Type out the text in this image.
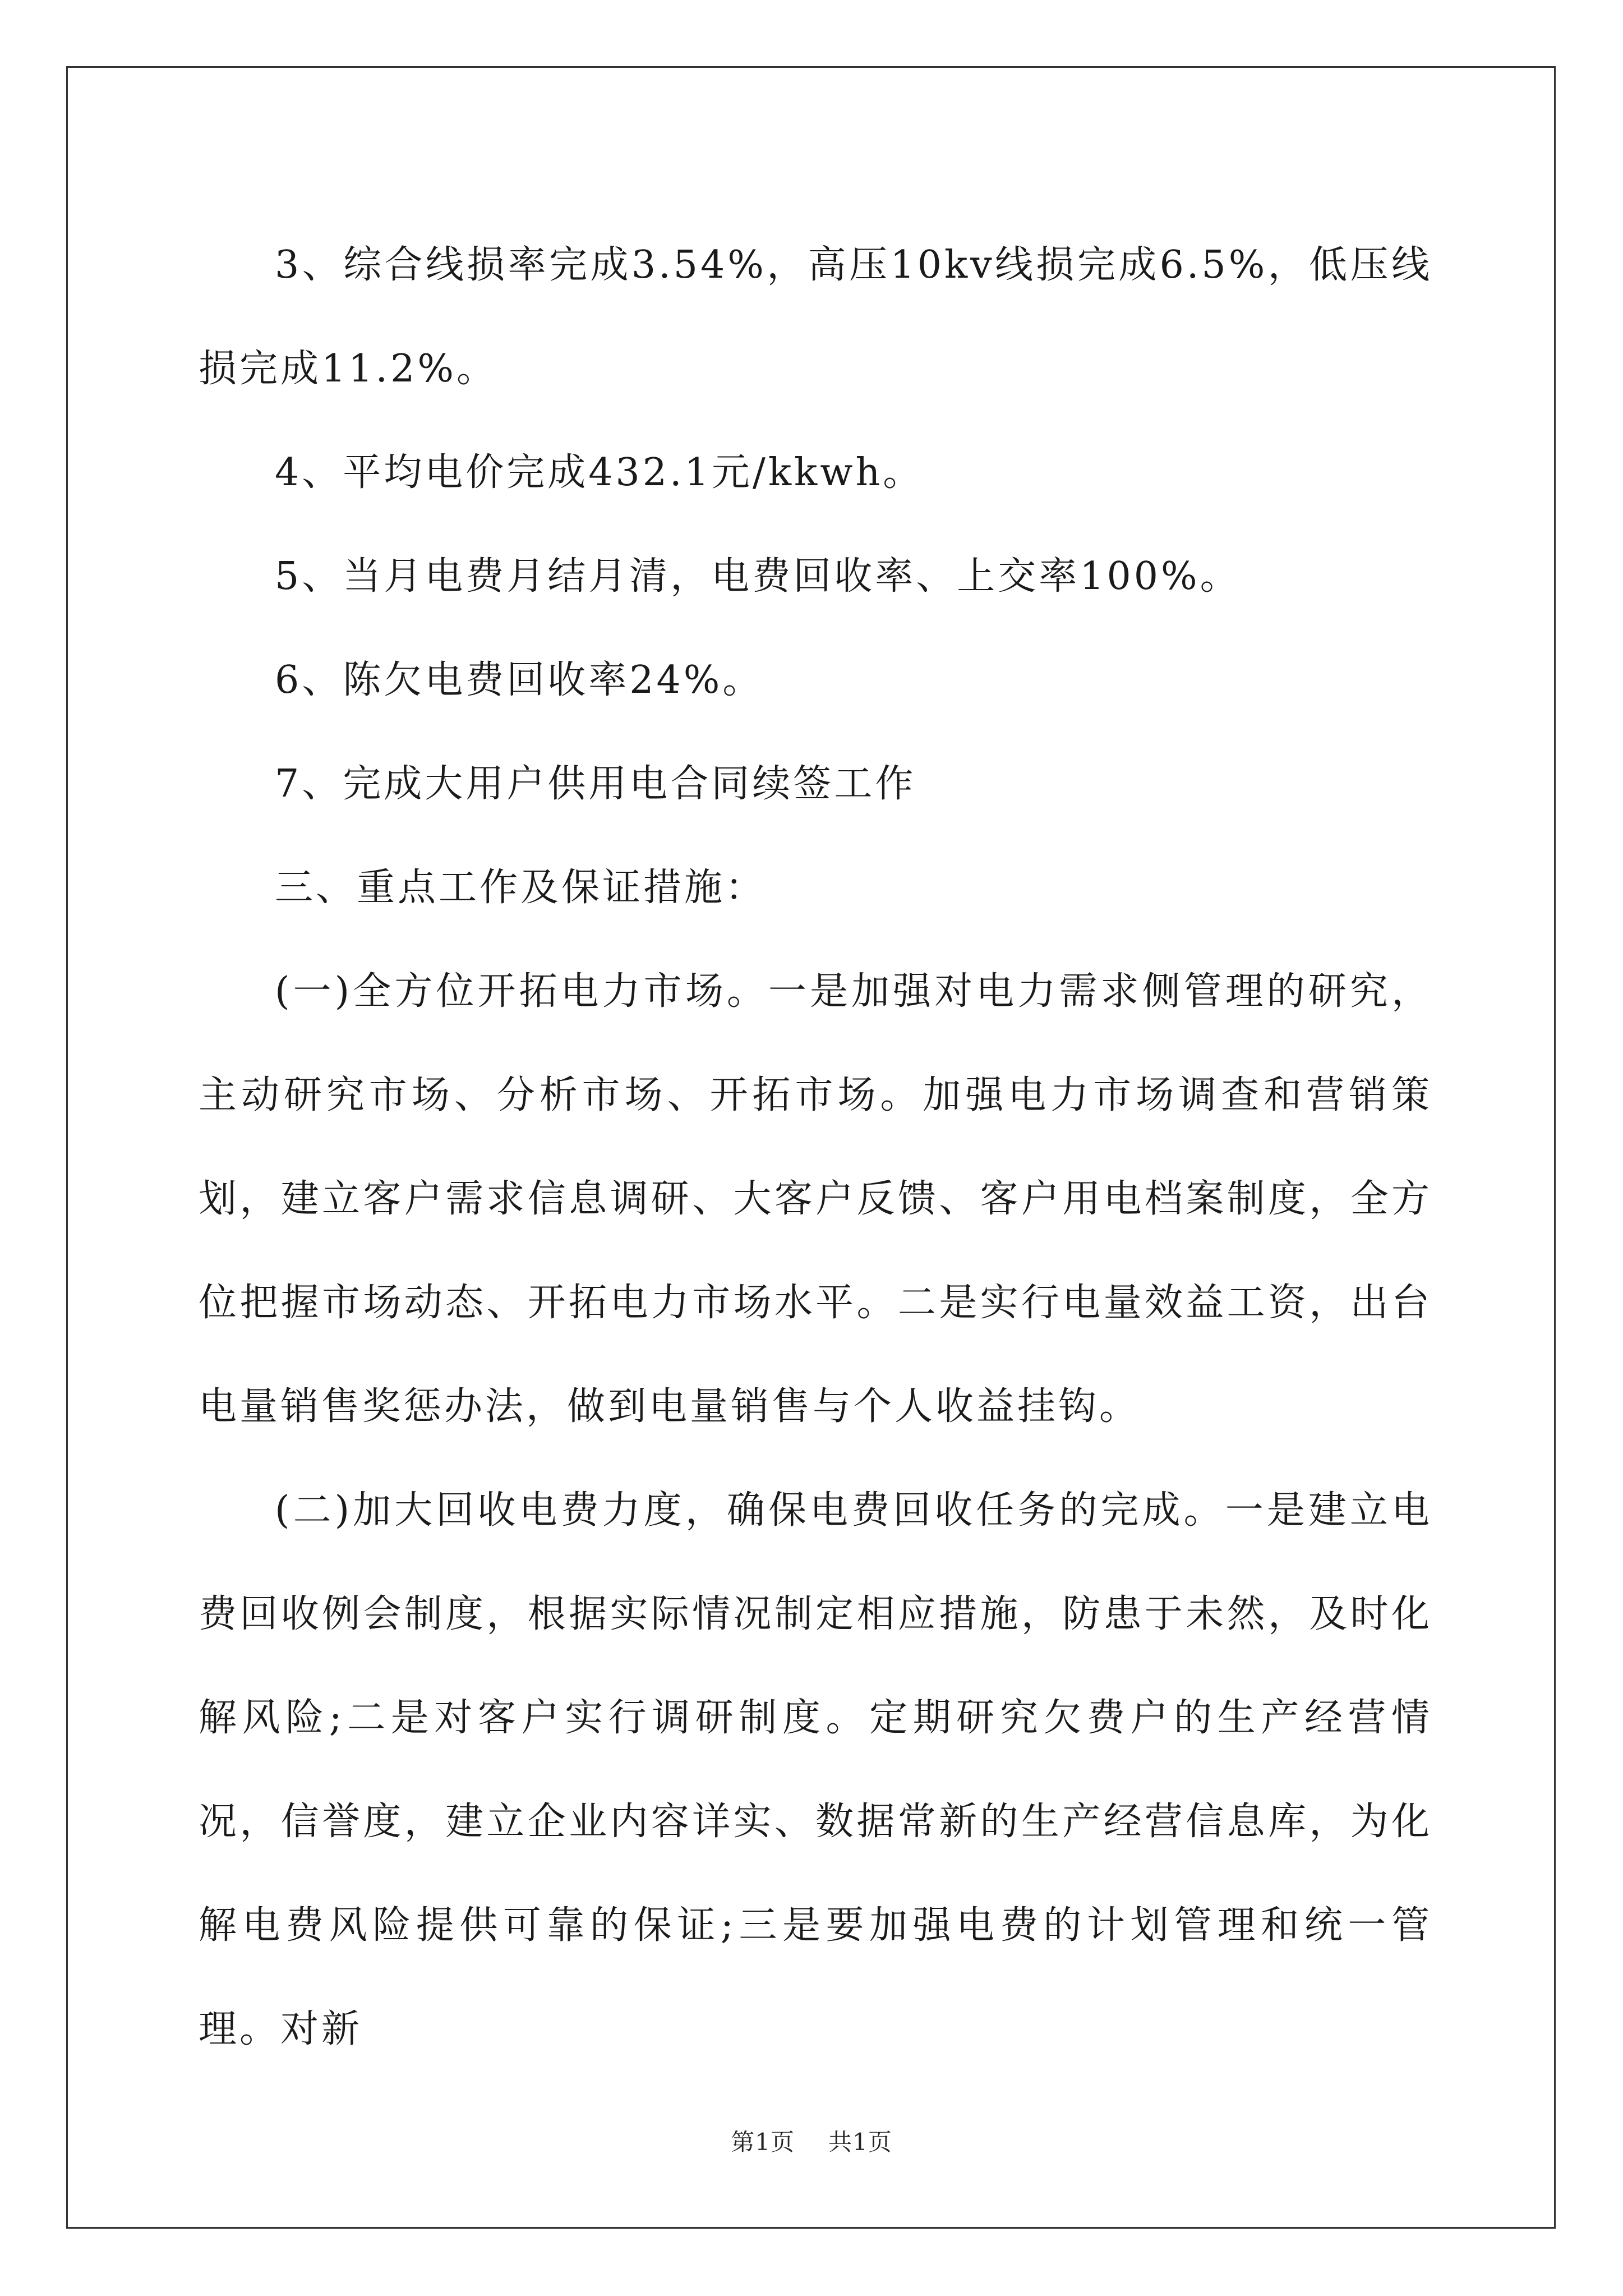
3、综合线损率完成3.54%，高压10kv线损完成6.5%，低压线损完成11.2%。

4、平均电价完成432.1元/kkwh。

5、当月电费月结月清，电费回收率、上交率100%。

6、陈欠电费回收率24%。

7、完成大用户供用电合同续签工作

三、重点工作及保证措施：

(一)全方位开拓电力市场。一是加强对电力需求侧管理的研究，主动研究市场、分析市场、开拓市场。加强电力市场调查和营销策划，建立客户需求信息调研、大客户反馈、客户用电档案制度，全方位把握市场动态、开拓电力市场水平。二是实行电量效益工资，出台电量销售奖惩办法，做到电量销售与个人收益挂钩。

(二)加大回收电费力度，确保电费回收任务的完成。一是建立电费回收例会制度，根据实际情况制定相应措施，防患于未然，及时化解风险;二是对客户实行调研制度。定期研究欠费户的生产经营情况，信誉度，建立企业内容详实、数据常新的生产经营信息库，为化解电费风险提供可靠的保证;三是要加强电费的计划管理和统一管理。对新

第1页 共1页
